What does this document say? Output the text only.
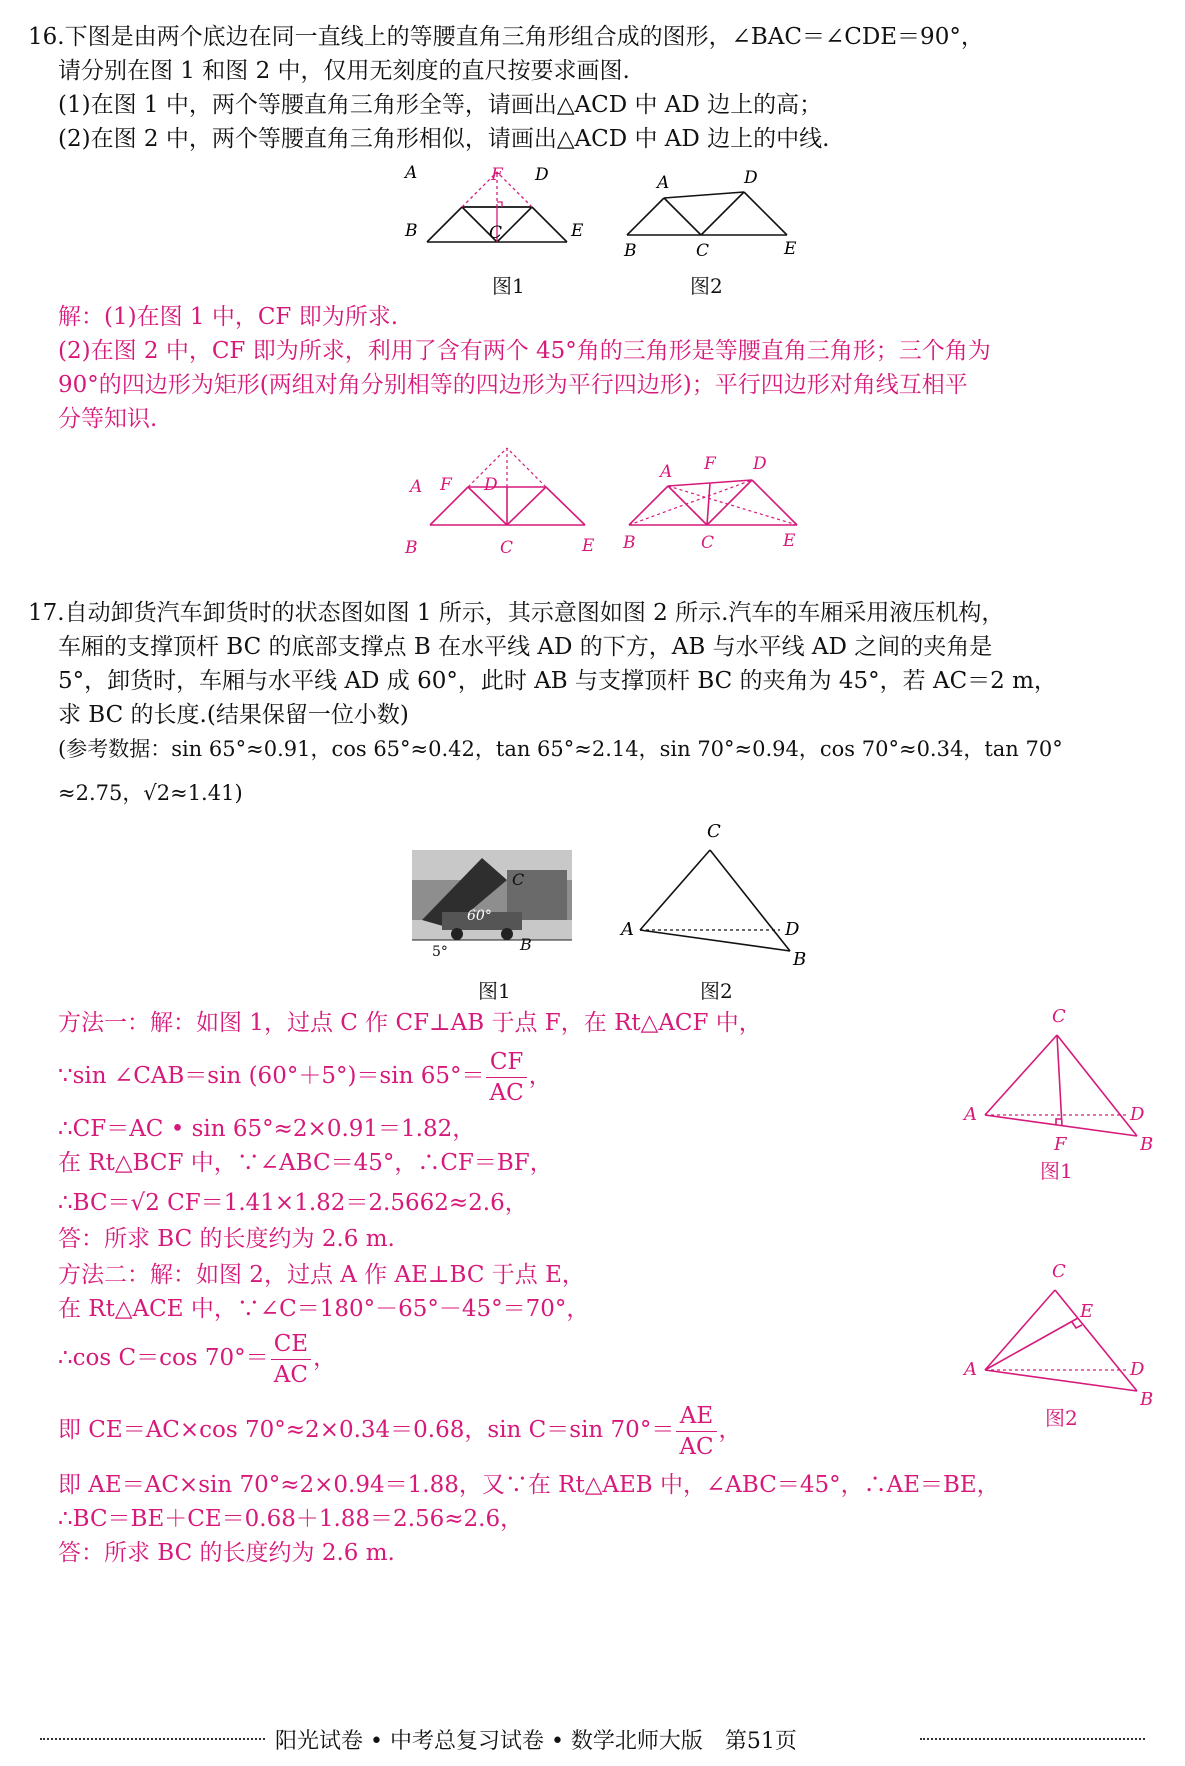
16.下图是由两个底边在同一直线上的等腰直角三角形组合成的图形，∠BAC＝∠CDE＝90°，
请分别在图 1 和图 2 中，仅用无刻度的直尺按要求画图.
(1)在图 1 中，两个等腰直角三角形全等，请画出△ACD 中 AD 边上的高；
(2)在图 2 中，两个等腰直角三角形相似，请画出△ACD 中 AD 边上的中线.
A	F D
B	C	E
图1
A	D
B	C	E
图2
解：(1)在图 1 中，CF 即为所求.
(2)在图 2 中，CF 即为所求，利用了含有两个 45°角的三角形是等腰直角三角形；三个角为
90°的四边形为矩形(两组对角分别相等的四边形为平行四边形)；平行四边形对角线互相平
分等知识.
A F D
B	C	E
A F D
B	C	E
17.自动卸货汽车卸货时的状态图如图 1 所示，其示意图如图 2 所示.汽车的车厢采用液压机构，
车厢的支撑顶杆 BC 的底部支撑点 B 在水平线 AD 的下方，AB 与水平线 AD 之间的夹角是
5°，卸货时，车厢与水平线 AD 成 60°，此时 AB 与支撑顶杆 BC 的夹角为 45°，若 AC＝2 m，
求 BC 的长度.(结果保留一位小数)
(参考数据：sin 65°≈0.91，cos 65°≈0.42，tan 65°≈2.14，sin 70°≈0.94，cos 70°≈0.34，tan 70°
≈2.75，√2≈1.41)
C
60°
B
5°
图1
C
A	D
B
图2
方法一：解：如图 1，过点 C 作 CF⊥AB 于点 F，在 Rt△ACF 中，
∵sin ∠CAB＝sin (60°＋5°)＝sin $65^\circ= \frac{CF}{AC}$ ，
∴CF＝AC • sin 65°≈2×0.91＝1.82，
在 Rt△BCF 中，∵∠ABC＝45°，∴CF＝BF，
∴BC＝√2 CF＝1.41×1.82＝2.5662≈2.6，
答：所求 BC 的长度约为 2.6 m.
方法二：解：如图 2，过点 A 作 AE⊥BC 于点 E，
在 Rt△ACE 中，∵∠C＝180°－65°－45°＝70°，
∴cos C＝cos $70^\circ= \frac{CE}{AC}$ ，
即 CE＝AC×cos 70°≈2×0.34＝0.68，sin C＝sin $70^\circ= \frac{AE}{AC}$ ，
即 AE＝AC×sin 70°≈2×0.94＝1.88，又∵在 Rt△AEB 中，∠ABC＝45°，∴AE＝BE，
∴BC＝BE＋CE＝0.68＋1.88＝2.56≈2.6，
答：所求 BC 的长度约为 2.6 m.
C
A	D
F	B
图1
C
E
A	D
B
图2
阳光试卷 • 中考总复习试卷 • 数学北师大版　第51页
